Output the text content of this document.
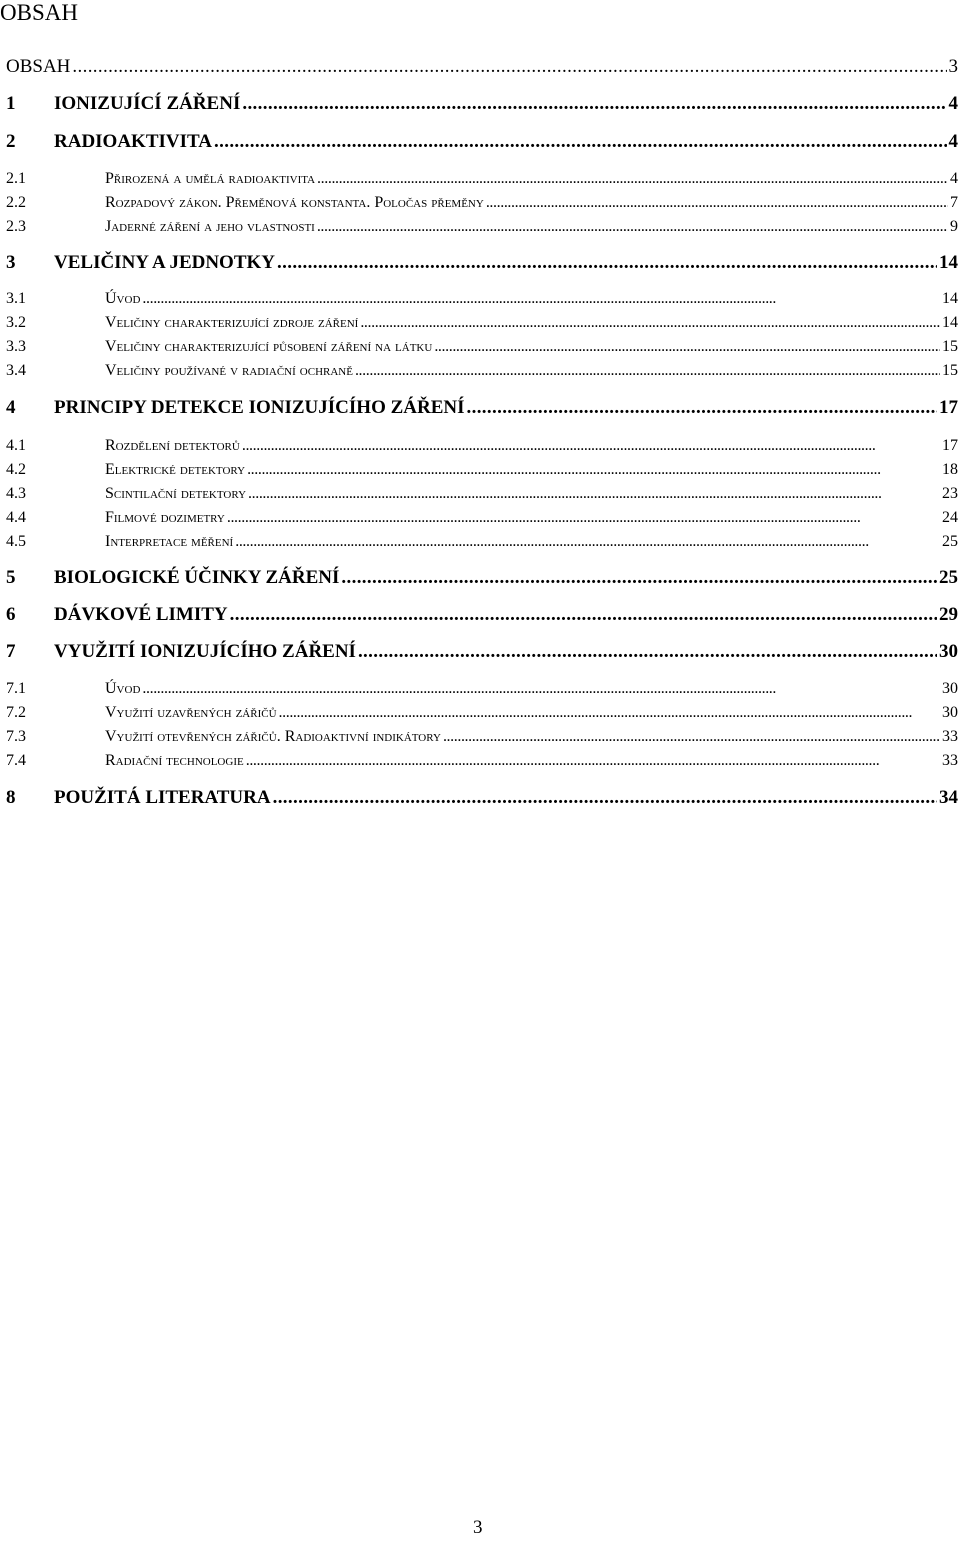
OBSAH
OBSAH . . .	3
1	IONIZUJÍCÍ ZÁŘENÍ . . .	4
2	RADIOAKTIVITA . . .	4
2.1	Přirozená a umělá radioaktivita . . .	4
2.2	Rozpadový zákon. Přeměnová konstanta. Poločas přeměny . . .	7
2.3	Jaderné záření a jeho vlastnosti . . .	9
3	VELIČINY A JEDNOTKY . . .	14
3.1	Úvod . . .	14
3.2	Veličiny charakterizující zdroje záření . . .	14
3.3	Veličiny charakterizující působení záření na látku . . .	15
3.4	Veličiny používané v radiační ochraně . . .	15
4	PRINCIPY DETEKCE IONIZUJÍCÍHO ZÁŘENÍ . . .	17
4.1	Rozdělení detektorů . . .	17
4.2	Elektrické detektory . . .	18
4.3	Scintilační detektory . . .	23
4.4	Filmové dozimetry . . .	24
4.5	Interpretace měření . . .	25
5	BIOLOGICKÉ ÚČINKY ZÁŘENÍ . . .	25
6	DÁVKOVÉ LIMITY . . .	29
7	VYUŽITÍ IONIZUJÍCÍHO ZÁŘENÍ . . .	30
7.1	Úvod . . .	30
7.2	Využití uzavřených zářičů . . .	30
7.3	Využití otevřených zářičů. Radioaktivní indikátory . . .	33
7.4	Radiační technologie . . .	33
8	POUŽITÁ LITERATURA . . .	34
3
